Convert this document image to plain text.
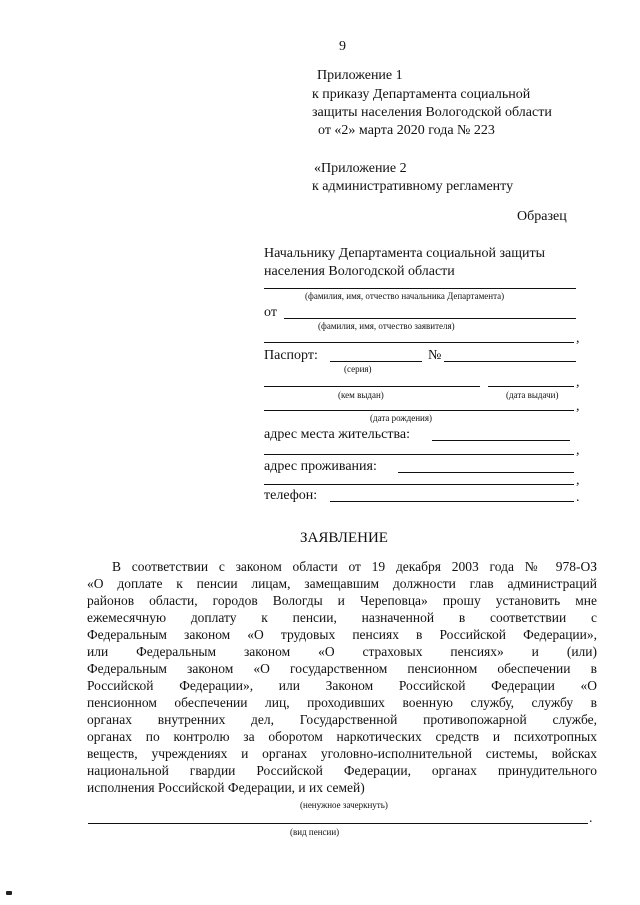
9
Приложение 1
к приказу Департамента социальной
защиты населения Вологодской области
от «2» марта 2020 года № 223
«Приложение 2
к административному регламенту
Образец
Начальнику Департамента социальной защиты
населения Вологодской области
(фамилия, имя, отчество начальника Департамента)
от
(фамилия, имя, отчество заявителя)
,
Паспорт:	№
(серия)
,
(кем выдан)	(дата выдачи)
,
(дата рождения)
адрес места жительства:
,
адрес проживания:
,
телефон:	.
ЗАЯВЛЕНИЕ
В соответствии с законом области от 19 декабря 2003 года № 978-ОЗ
«О доплате к пенсии лицам, замещавшим должности глав администраций
районов области, городов Вологды и Череповца» прошу установить мне
ежемесячную доплату к пенсии, назначенной в соответствии с
Федеральным законом «О трудовых пенсиях в Российской Федерации»,
или Федеральным законом «О страховых пенсиях» и (или)
Федеральным законом «О государственном пенсионном обеспечении в
Российской Федерации», или Законом Российской Федерации «О
пенсионном обеспечении лиц, проходивших военную службу, службу в
органах внутренних дел, Государственной противопожарной службе,
органах по контролю за оборотом наркотических средств и психотропных
веществ, учреждениях и органах уголовно-исполнительной системы, войсках
национальной гвардии Российской Федерации, органах принудительного
исполнения Российской Федерации, и их семей)
(ненужное зачеркнуть)
.
(вид пенсии)
